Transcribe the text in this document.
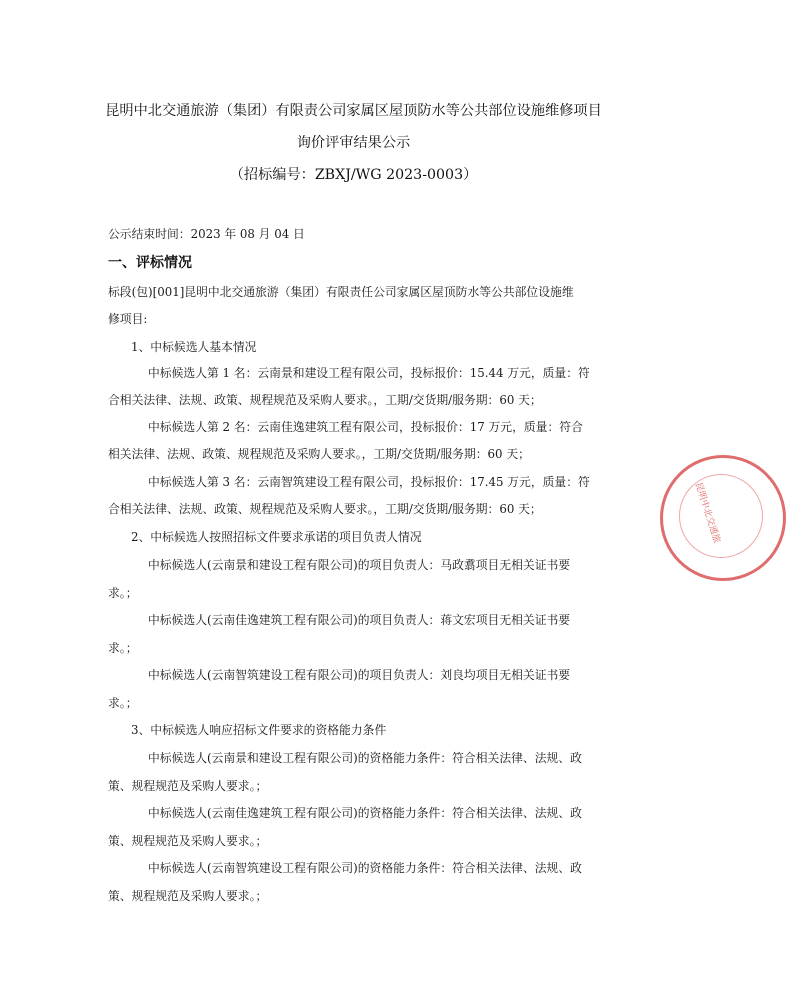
昆明中北交通旅游（集团）有限责公司家属区屋顶防水等公共部位设施维修项目
询价评审结果公示
（招标编号：ZBXJ/WG 2023-0003）
公示结束时间：2023 年 08 月 04 日
一、评标情况
标段(包)[001]昆明中北交通旅游（集团）有限责任公司家属区屋顶防水等公共部位设施维
修项目:
1、中标候选人基本情况
中标候选人第 1 名：云南景和建设工程有限公司，投标报价：15.44 万元，质量：符
合相关法律、法规、政策、规程规范及采购人要求。，工期/交货期/服务期：60 天；
中标候选人第 2 名：云南佳逸建筑工程有限公司，投标报价：17 万元，质量：符合
相关法律、法规、政策、规程规范及采购人要求。，工期/交货期/服务期：60 天；
中标候选人第 3 名：云南智筑建设工程有限公司，投标报价：17.45 万元，质量：符
合相关法律、法规、政策、规程规范及采购人要求。，工期/交货期/服务期：60 天；
2、中标候选人按照招标文件要求承诺的项目负责人情况
中标候选人(云南景和建设工程有限公司)的项目负责人：马政翥项目无相关证书要
求。；
中标候选人(云南佳逸建筑工程有限公司)的项目负责人：蒋文宏项目无相关证书要
求。；
中标候选人(云南智筑建设工程有限公司)的项目负责人：刘良均项目无相关证书要
求。；
3、中标候选人响应招标文件要求的资格能力条件
中标候选人(云南景和建设工程有限公司)的资格能力条件：符合相关法律、法规、政
策、规程规范及采购人要求。；
中标候选人(云南佳逸建筑工程有限公司)的资格能力条件：符合相关法律、法规、政
策、规程规范及采购人要求。；
中标候选人(云南智筑建设工程有限公司)的资格能力条件：符合相关法律、法规、政
策、规程规范及采购人要求。；
昆明中北交通旅
